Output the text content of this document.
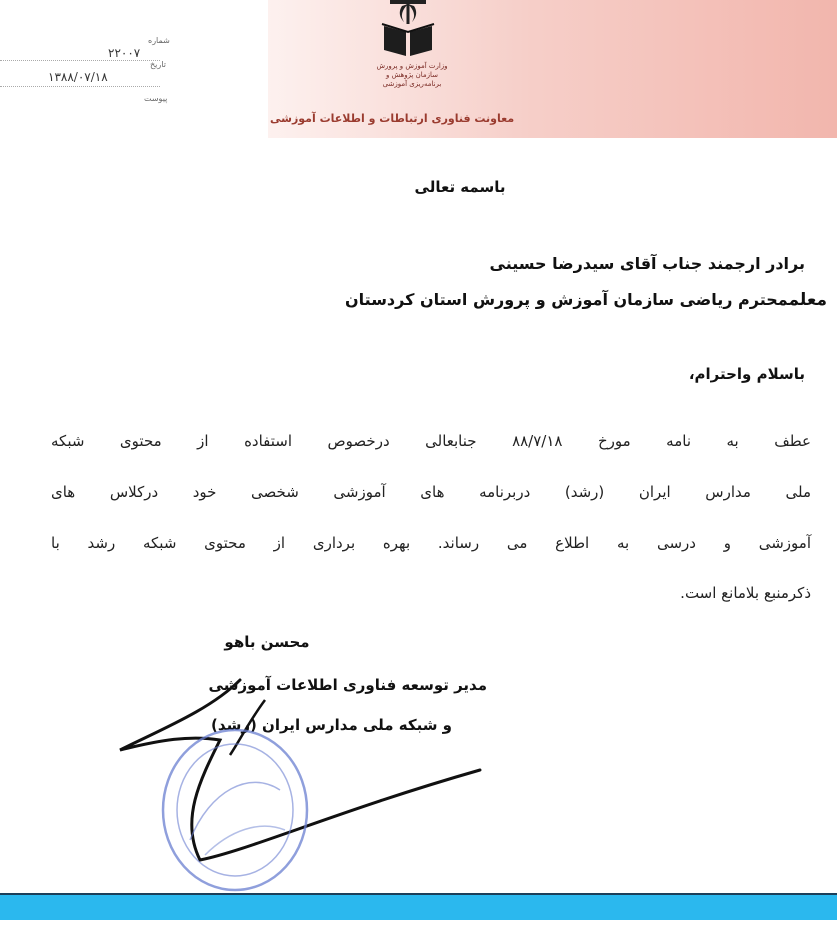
وزارت آموزش و پرورش
سازمان پژوهش و برنامه‌ریزی آموزشی
معاونت فناوری ارتباطات و اطلاعات آموزشی
شماره
۲۲۰۰۷
تاریخ
۱۳۸۸/۰۷/۱۸
پیوست
باسمه تعالی
برادر ارجمند جناب آقای سیدرضا حسینی
معلممحترم ریاضی سازمان آموزش و پرورش استان کردستان
باسلام واحترام،
عطف به نامه مورخ ۸۸/۷/۱۸ جنابعالی درخصوص استفاده از محتوی شبکه
ملی مدارس ایران (رشد) دربرنامه های آموزشی شخصی خود درکلاس های
آموزشی و درسی به اطلاع می رساند. بهره برداری از محتوی شبکه رشد با
ذکرمنبع بلامانع است.
محسن باهو
مدیر توسعه فناوری اطلاعات آموزشی
و شبکه ملی مدارس ایران (رشد)
